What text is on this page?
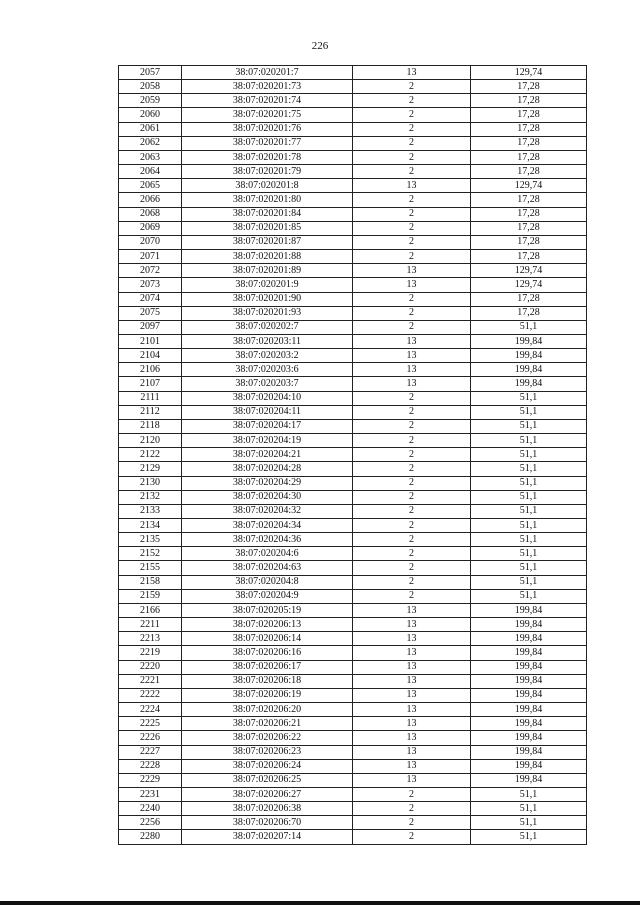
226
2057	38:07:020201:7	13	129,74
2058	38:07:020201:73	2	17,28
2059	38:07:020201:74	2	17,28
2060	38:07:020201:75	2	17,28
2061	38:07:020201:76	2	17,28
2062	38:07:020201:77	2	17,28
2063	38:07:020201:78	2	17,28
2064	38:07:020201:79	2	17,28
2065	38:07:020201:8	13	129,74
2066	38:07:020201:80	2	17,28
2068	38:07:020201:84	2	17,28
2069	38:07:020201:85	2	17,28
2070	38:07:020201:87	2	17,28
2071	38:07:020201:88	2	17,28
2072	38:07:020201:89	13	129,74
2073	38:07:020201:9	13	129,74
2074	38:07:020201:90	2	17,28
2075	38:07:020201:93	2	17,28
2097	38:07:020202:7	2	51,1
2101	38:07:020203:11	13	199,84
2104	38:07:020203:2	13	199,84
2106	38:07:020203:6	13	199,84
2107	38:07:020203:7	13	199,84
2111	38:07:020204:10	2	51,1
2112	38:07:020204:11	2	51,1
2118	38:07:020204:17	2	51,1
2120	38:07:020204:19	2	51,1
2122	38:07:020204:21	2	51,1
2129	38:07:020204:28	2	51,1
2130	38:07:020204:29	2	51,1
2132	38:07:020204:30	2	51,1
2133	38:07:020204:32	2	51,1
2134	38:07:020204:34	2	51,1
2135	38:07:020204:36	2	51,1
2152	38:07:020204:6	2	51,1
2155	38:07:020204:63	2	51,1
2158	38:07:020204:8	2	51,1
2159	38:07:020204:9	2	51,1
2166	38:07:020205:19	13	199,84
2211	38:07:020206:13	13	199,84
2213	38:07:020206:14	13	199,84
2219	38:07:020206:16	13	199,84
2220	38:07:020206:17	13	199,84
2221	38:07:020206:18	13	199,84
2222	38:07:020206:19	13	199,84
2224	38:07:020206:20	13	199,84
2225	38:07:020206:21	13	199,84
2226	38:07:020206:22	13	199,84
2227	38:07:020206:23	13	199,84
2228	38:07:020206:24	13	199,84
2229	38:07:020206:25	13	199,84
2231	38:07:020206:27	2	51,1
2240	38:07:020206:38	2	51,1
2256	38:07:020206:70	2	51,1
2280	38:07:020207:14	2	51,1
